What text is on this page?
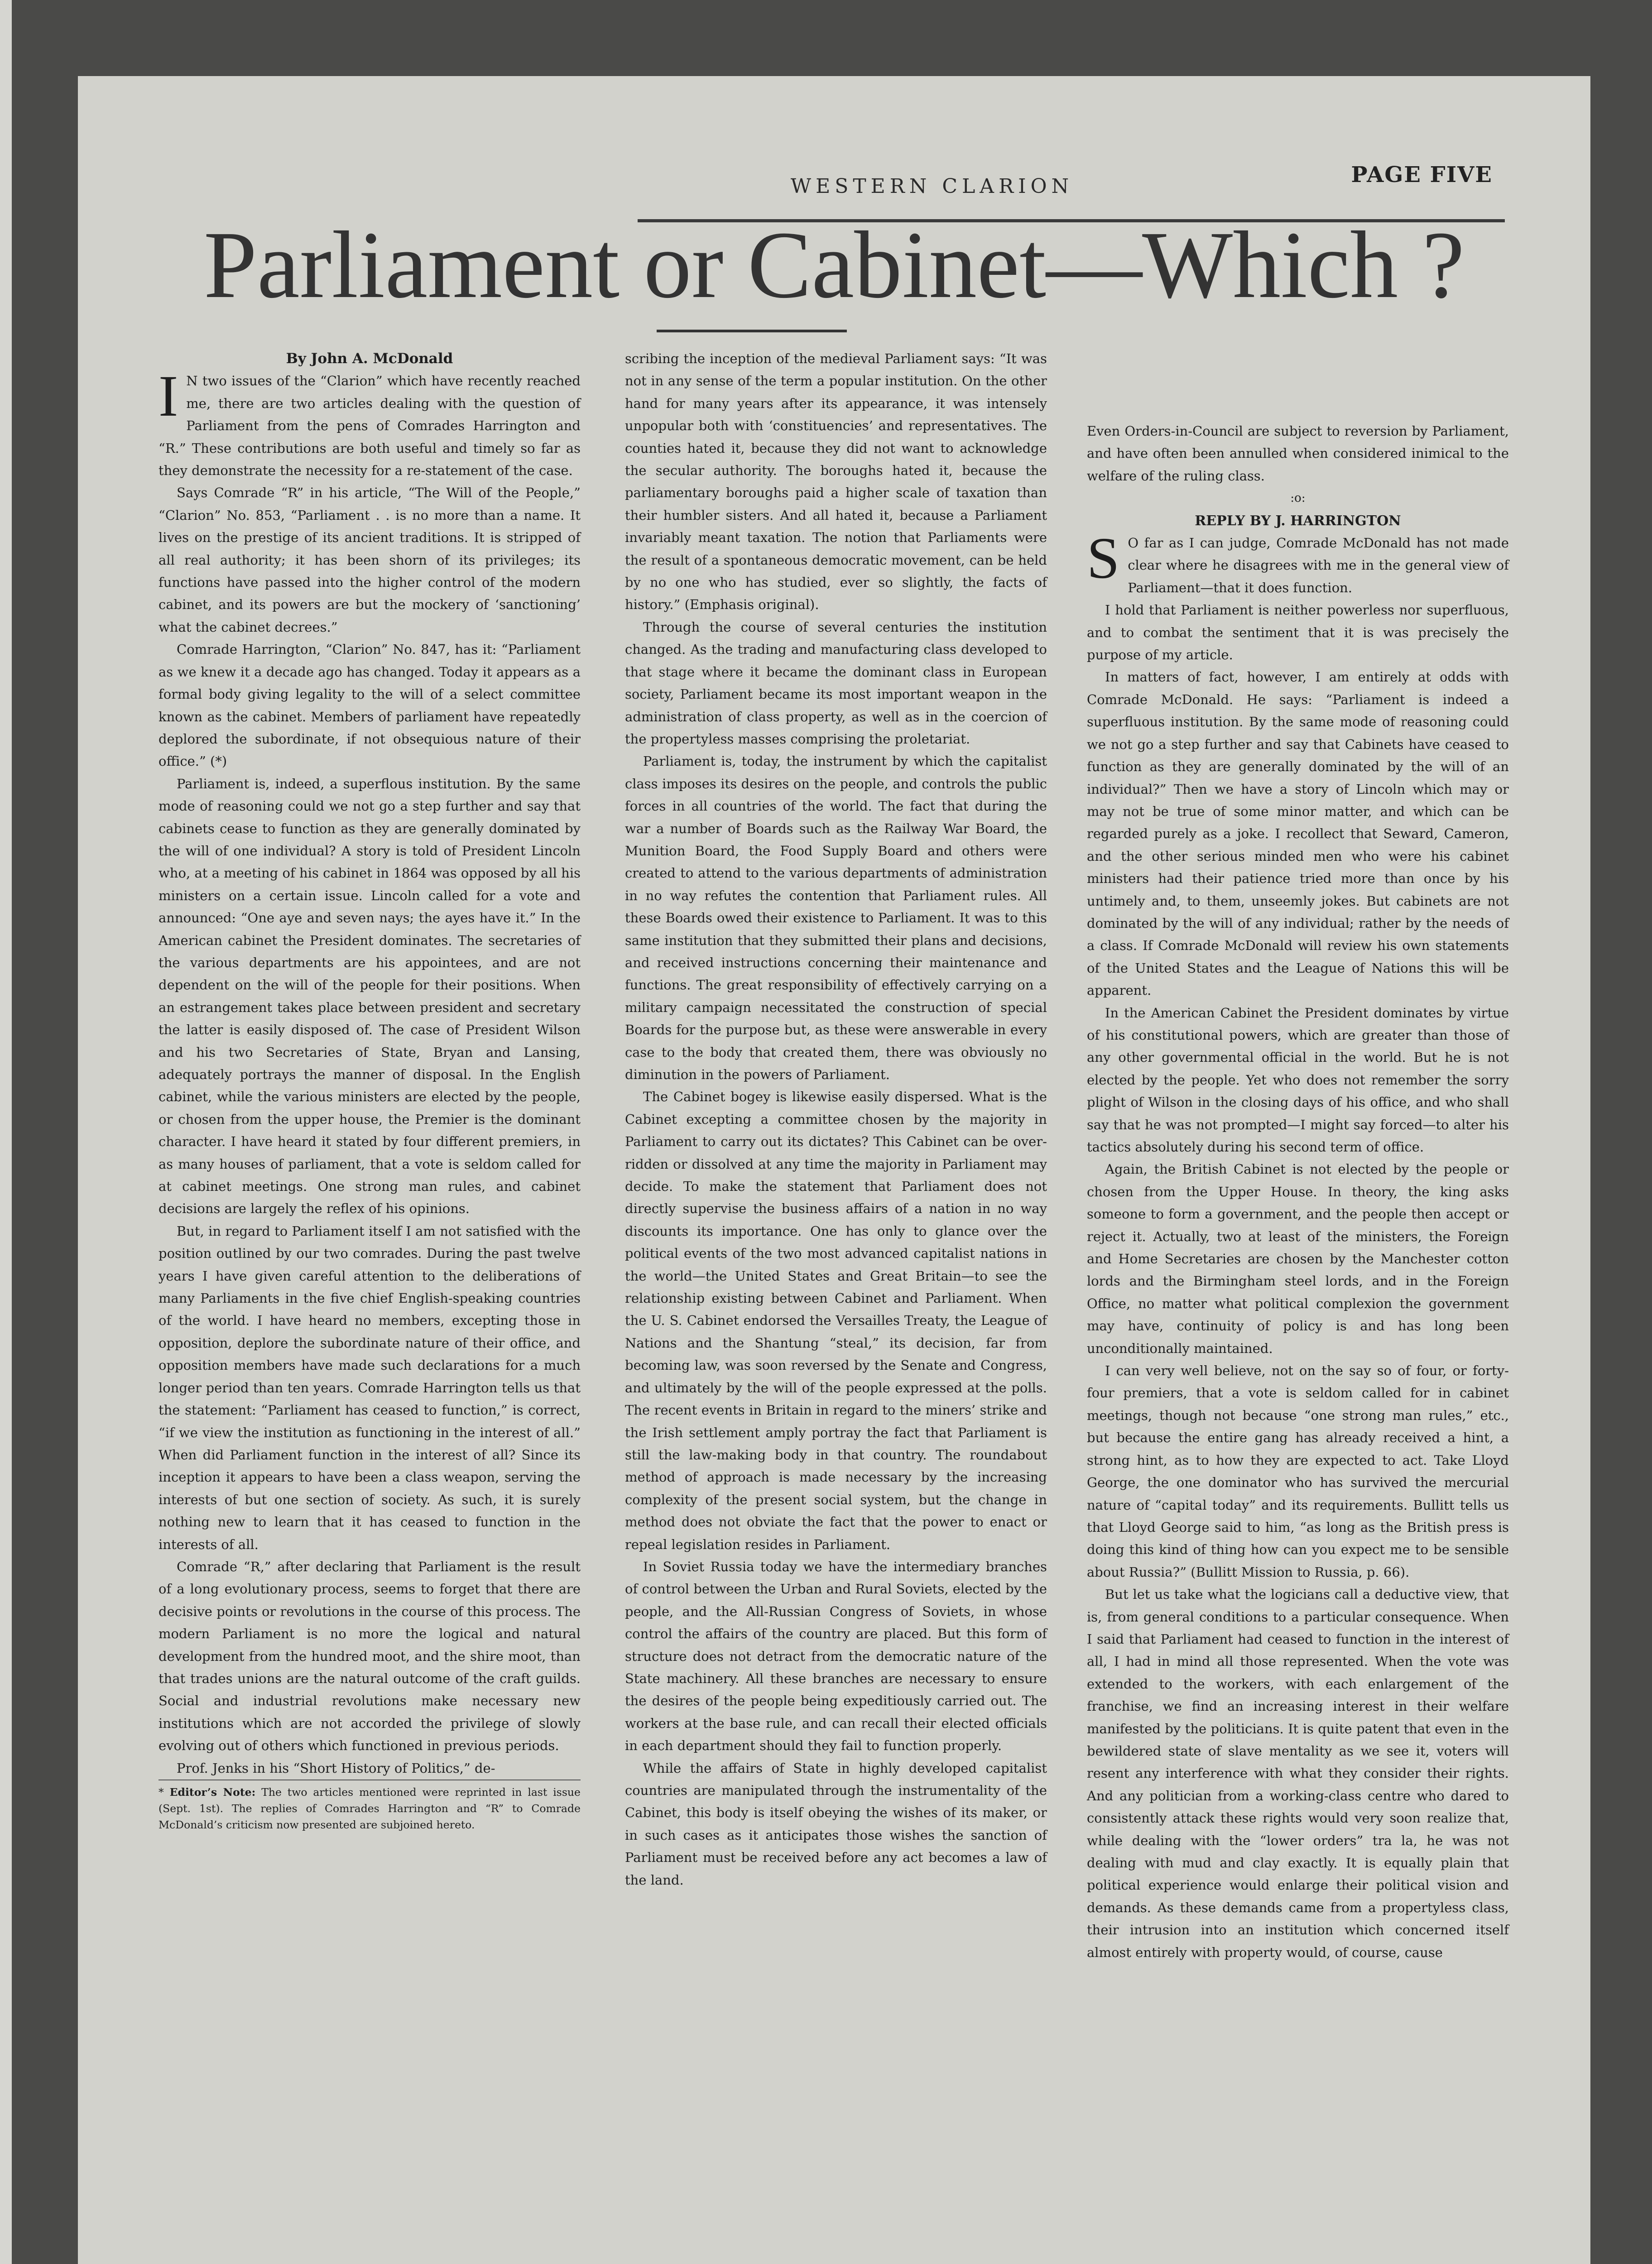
WESTERN CLARION	PAGE FIVE
Parliament or Cabinet—Which ?

By John A. McDonald

I N two issues of the “Clarion” which have recently reached me, there are two articles dealing with the question of Parliament from the pens of Comrades Harrington and “R.” These contributions are both useful and timely so far as they demonstrate the necessity for a re-statement of the case.

Says Comrade “R” in his article, “The Will of the People,” “Clarion” No. 853, “Parliament . . is no more than a name. It lives on the prestige of its ancient traditions. It is stripped of all real authority; it has been shorn of its privileges; its functions have passed into the higher control of the modern cabinet, and its powers are but the mockery of ‘sanctioning’ what the cabinet decrees.”

Comrade Harrington, “Clarion” No. 847, has it: “Parliament as we knew it a decade ago has changed. Today it appears as a formal body giving legality to the will of a select committee known as the cabinet. Members of parliament have repeatedly deplored the subordinate, if not obsequious nature of their office.” (*)

Parliament is, indeed, a superflous institution. By the same mode of reasoning could we not go a step further and say that cabinets cease to function as they are generally dominated by the will of one individual? A story is told of President Lincoln who, at a meeting of his cabinet in 1864 was opposed by all his ministers on a certain issue. Lincoln called for a vote and announced: “One aye and seven nays; the ayes have it.” In the American cabinet the President dominates. The secretaries of the various departments are his appointees, and are not dependent on the will of the people for their positions. When an estrangement takes place between president and secretary the latter is easily disposed of. The case of President Wilson and his two Secretaries of State, Bryan and Lansing, adequately portrays the manner of disposal. In the English cabinet, while the various ministers are elected by the people, or chosen from the upper house, the Premier is the dominant character. I have heard it stated by four different premiers, in as many houses of parliament, that a vote is seldom called for at cabinet meetings. One strong man rules, and cabinet decisions are largely the reflex of his opinions.

But, in regard to Parliament itself I am not satisfied with the position outlined by our two comrades. During the past twelve years I have given careful attention to the deliberations of many Parliaments in the five chief English-speaking countries of the world. I have heard no members, excepting those in opposition, deplore the subordinate nature of their office, and opposition members have made such declarations for a much longer period than ten years. Comrade Harrington tells us that the statement: “Parliament has ceased to function,” is correct, “if we view the institution as functioning in the interest of all.” When did Parliament function in the interest of all? Since its inception it appears to have been a class weapon, serving the interests of but one section of society. As such, it is surely nothing new to learn that it has ceased to function in the interests of all.

Comrade “R,” after declaring that Parliament is the result of a long evolutionary process, seems to forget that there are decisive points or revolutions in the course of this process. The modern Parliament is no more the logical and natural development from the hundred moot, and the shire moot, than that trades unions are the natural outcome of the craft guilds. Social and industrial revolutions make necessary new institutions which are not accorded the privilege of slowly evolving out of others which functioned in previous periods.

Prof. Jenks in his “Short History of Politics,” de-

* Editor’s Note: The two articles mentioned were reprinted in last issue (Sept. 1st). The replies of Comrades Harrington and “R” to Comrade McDonald’s criticism now presented are subjoined hereto.

scribing the inception of the medieval Parliament says: “It was not in any sense of the term a popular institution. On the other hand for many years after its appearance, it was intensely unpopular both with ‘constituencies’ and representatives. The counties hated it, because they did not want to acknowledge the secular authority. The boroughs hated it, because the parliamentary boroughs paid a higher scale of taxation than their humbler sisters. And all hated it, because a Parliament invariably meant taxation. The notion that Parliaments were the result of a spontaneous democratic movement, can be held by no one who has studied, ever so slightly, the facts of history.” (Emphasis original).

Through the course of several centuries the institution changed. As the trading and manufacturing class developed to that stage where it became the dominant class in European society, Parliament became its most important weapon in the administration of class property, as well as in the coercion of the propertyless masses comprising the proletariat.

Parliament is, today, the instrument by which the capitalist class imposes its desires on the people, and controls the public forces in all countries of the world. The fact that during the war a number of Boards such as the Railway War Board, the Munition Board, the Food Supply Board and others were created to attend to the various departments of administration in no way refutes the contention that Parliament rules. All these Boards owed their existence to Parliament. It was to this same institution that they submitted their plans and decisions, and received instructions concerning their maintenance and functions. The great responsibility of effectively carrying on a military campaign necessitated the construction of special Boards for the purpose but, as these were answerable in every case to the body that created them, there was obviously no diminution in the powers of Parliament.

The Cabinet bogey is likewise easily dispersed. What is the Cabinet excepting a committee chosen by the majority in Parliament to carry out its dictates? This Cabinet can be over-ridden or dissolved at any time the majority in Parliament may decide. To make the statement that Parliament does not directly supervise the business affairs of a nation in no way discounts its importance. One has only to glance over the political events of the two most advanced capitalist nations in the world—the United States and Great Britain—to see the relationship existing between Cabinet and Parliament. When the U. S. Cabinet endorsed the Versailles Treaty, the League of Nations and the Shantung “steal,” its decision, far from becoming law, was soon reversed by the Senate and Congress, and ultimately by the will of the people expressed at the polls. The recent events in Britain in regard to the miners’ strike and the Irish settlement amply portray the fact that Parliament is still the law-making body in that country. The roundabout method of approach is made necessary by the increasing complexity of the present social system, but the change in method does not obviate the fact that the power to enact or repeal legislation resides in Parliament.

In Soviet Russia today we have the intermediary branches of control between the Urban and Rural Soviets, elected by the people, and the All-Russian Congress of Soviets, in whose control the affairs of the country are placed. But this form of structure does not detract from the democratic nature of the State machinery. All these branches are necessary to ensure the desires of the people being expeditiously carried out. The workers at the base rule, and can recall their elected officials in each department should they fail to function properly.

While the affairs of State in highly developed capitalist countries are manipulated through the instrumentality of the Cabinet, this body is itself obeying the wishes of its maker, or in such cases as it anticipates those wishes the sanction of Parliament must be received before any act becomes a law of the land.

Even Orders-in-Council are subject to reversion by Parliament, and have often been annulled when considered inimical to the welfare of the ruling class.

:o:

REPLY BY J. HARRINGTON

S O far as I can judge, Comrade McDonald has not made clear where he disagrees with me in the general view of Parliament—that it does function.

I hold that Parliament is neither powerless nor superfluous, and to combat the sentiment that it is was precisely the purpose of my article.

In matters of fact, however, I am entirely at odds with Comrade McDonald. He says: “Parliament is indeed a superfluous institution. By the same mode of reasoning could we not go a step further and say that Cabinets have ceased to function as they are generally dominated by the will of an individual?” Then we have a story of Lincoln which may or may not be true of some minor matter, and which can be regarded purely as a joke. I recollect that Seward, Cameron, and the other serious minded men who were his cabinet ministers had their patience tried more than once by his untimely and, to them, unseemly jokes. But cabinets are not dominated by the will of any individual; rather by the needs of a class. If Comrade McDonald will review his own statements of the United States and the League of Nations this will be apparent.

In the American Cabinet the President dominates by virtue of his constitutional powers, which are greater than those of any other governmental official in the world. But he is not elected by the people. Yet who does not remember the sorry plight of Wilson in the closing days of his office, and who shall say that he was not prompted—I might say forced—to alter his tactics absolutely during his second term of office.

Again, the British Cabinet is not elected by the people or chosen from the Upper House. In theory, the king asks someone to form a government, and the people then accept or reject it. Actually, two at least of the ministers, the Foreign and Home Secretaries are chosen by the Manchester cotton lords and the Birmingham steel lords, and in the Foreign Office, no matter what political complexion the government may have, continuity of policy is and has long been unconditionally maintained.

I can very well believe, not on the say so of four, or forty-four premiers, that a vote is seldom called for in cabinet meetings, though not because “one strong man rules,” etc., but because the entire gang has already received a hint, a strong hint, as to how they are expected to act. Take Lloyd George, the one dominator who has survived the mercurial nature of “capital today” and its requirements. Bullitt tells us that Lloyd George said to him, “as long as the British press is doing this kind of thing how can you expect me to be sensible about Russia?” (Bullitt Mission to Russia, p. 66).

But let us take what the logicians call a deductive view, that is, from general conditions to a particular consequence. When I said that Parliament had ceased to function in the interest of all, I had in mind all those represented. When the vote was extended to the workers, with each enlargement of the franchise, we find an increasing interest in their welfare manifested by the politicians. It is quite patent that even in the bewildered state of slave mentality as we see it, voters will resent any interference with what they consider their rights. And any politician from a working-class centre who dared to consistently attack these rights would very soon realize that, while dealing with the “lower orders” tra la, he was not dealing with mud and clay exactly. It is equally plain that political experience would enlarge their political vision and demands. As these demands came from a propertyless class, their intrusion into an institution which concerned itself almost entirely with property would, of course, cause
